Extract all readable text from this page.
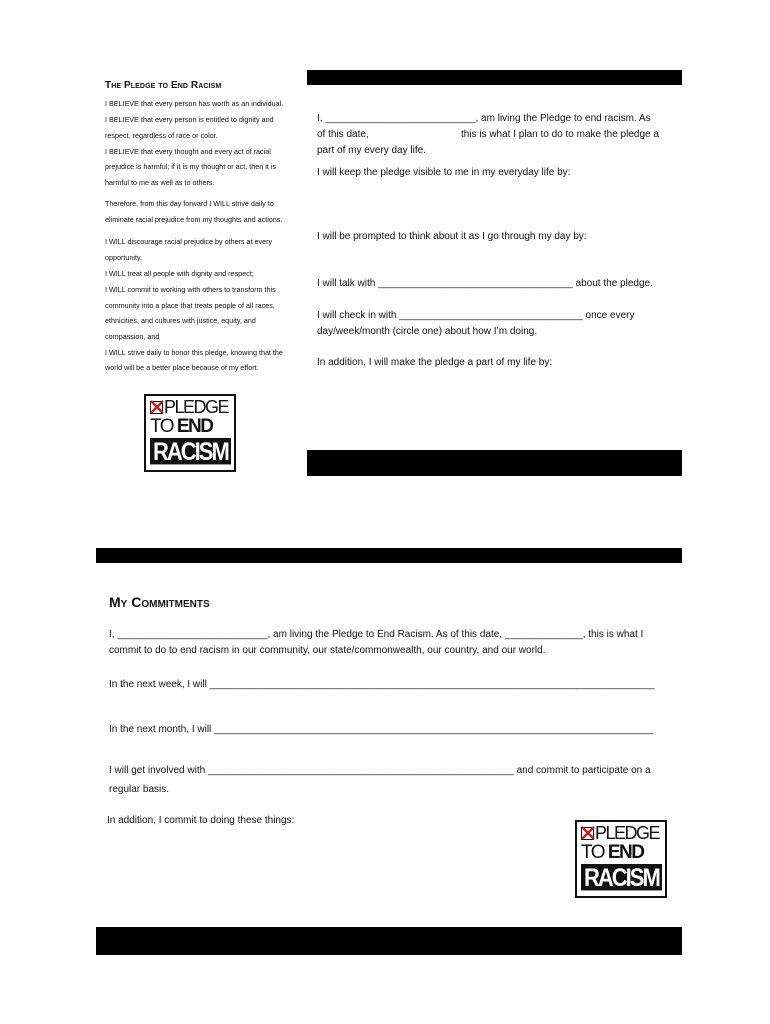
The Pledge to End Racism
I BELIEVE that every person has worth as an individual.
I BELIEVE that every person is entitled to dignity and
respect, regardless of race or color.
I BELIEVE that every thought and every act of racial
prejudice is harmful; if it is my thought or act, then it is
harmful to me as well as to others.
Therefore, from this day forward I WILL strive daily to
eliminate racial prejudice from my thoughts and actions.
I WILL discourage racial prejudice by others at every
opportunity.
I WILL treat all people with dignity and respect;
I WILL commit to working with others to transform this
community into a place that treats people of all races,
ethnicities, and cultures with justice, equity, and
compassion, and
I WILL strive daily to honor this pledge, knowing that the
world will be a better place because of my effort.
PLEDGE
TO END
RACISM
I, ___________________________, am living the Pledge to end racism. As
of this date,	this is what I plan to do to make the pledge a
part of my every day life.
I will keep the pledge visible to me in my everyday life by:
I will be prompted to think about it as I go through my day by:
I will talk with ___________________________________ about the pledge.
I will check in with _________________________________ once every
day/week/month (circle one) about how I’m doing.
In addition, I will make the pledge a part of my life by:
My Commitments
I, ___________________________, am living the Pledge to End Racism. As of this date, ______________, this is what I
commit to do to end racism in our community, our state/commonwealth, our country, and our world.
In the next week, I will ________________________________________________________________________________
In the next month, I will _______________________________________________________________________________
I will get involved with _______________________________________________________ and commit to participate on a
regular basis.
In addition, I commit to doing these things:
PLEDGE
TO END
RACISM
